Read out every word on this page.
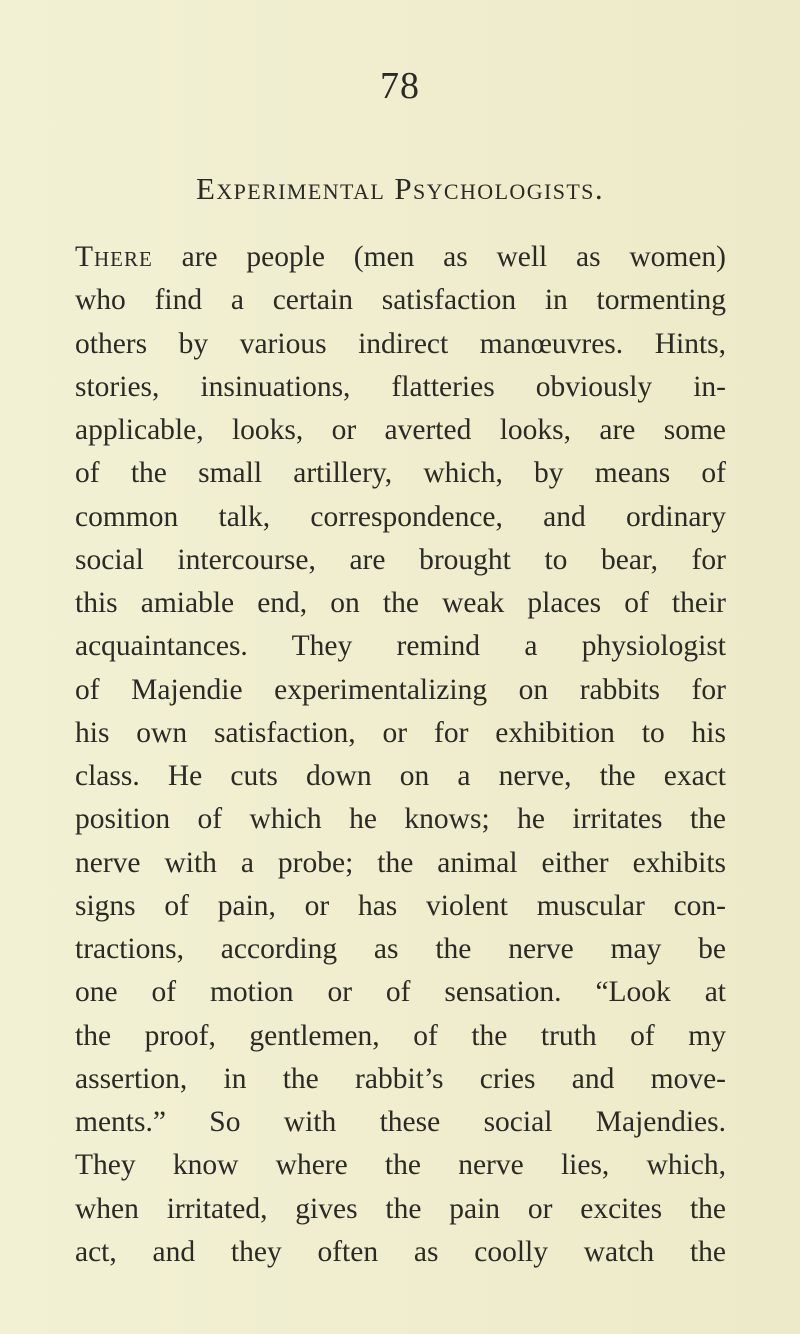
78
Experimental Psychologists.
There are people (men as well as women)
who find a certain satisfaction in tormenting
others by various indirect manœuvres. Hints,
stories, insinuations, flatteries obviously in-
applicable, looks, or averted looks, are some
of the small artillery, which, by means of
common talk, correspondence, and ordinary
social intercourse, are brought to bear, for
this amiable end, on the weak places of their
acquaintances. They remind a physiologist
of Majendie experimentalizing on rabbits for
his own satisfaction, or for exhibition to his
class. He cuts down on a nerve, the exact
position of which he knows; he irritates the
nerve with a probe; the animal either exhibits
signs of pain, or has violent muscular con-
tractions, according as the nerve may be
one of motion or of sensation. “Look at
the proof, gentlemen, of the truth of my
assertion, in the rabbit’s cries and move-
ments.” So with these social Majendies.
They know where the nerve lies, which,
when irritated, gives the pain or excites the
act, and they often as coolly watch the
